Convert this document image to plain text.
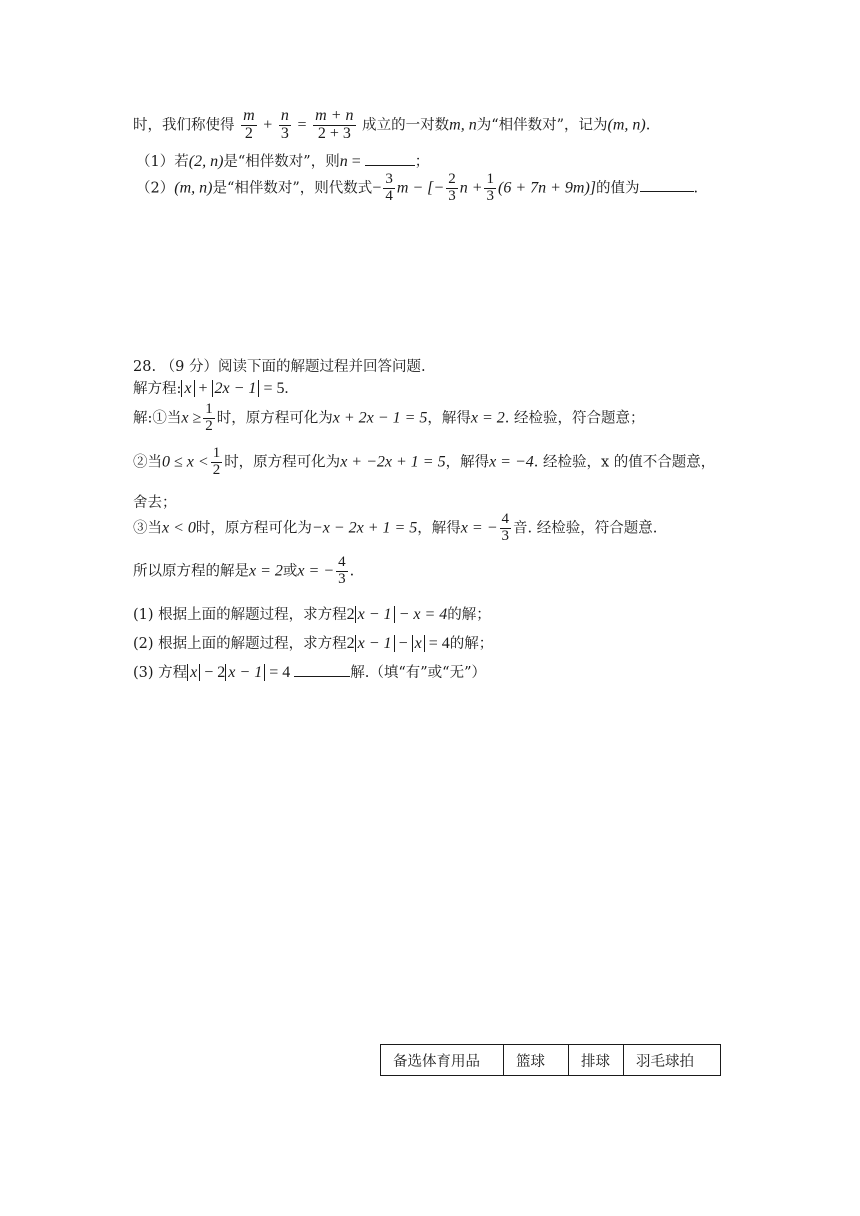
时，我们称使得 $\frac{m}{2} + \frac{n}{3} = \frac{m + n}{2 + 3}$ 成立的一对数m, n为“相伴数对”，记为(m, n).
（1）若(2, n)是“相伴数对”，则n =	；
（2）(m, n)是“相伴数对”，则代数式− $\frac{3}{4}$ m − [− $\frac{2}{3}$ $n + \frac{1}{3} (6 + 7n + 9m)$]的值为	.
28. （9 分）阅读下面的解题过程并回答问题.
解方程: x + 2x − 1 = 5.
解:①当$x \ge \frac{1}{2}$ 时，原方程可化为x + 2x − 1 = 5，解得x = 2. 经检验，符合题意；
②当$0 \le x < \frac{1}{2}$ 时，原方程可化为x + −2x + 1 = 5，解得x = −4. 经检验，x 的值不合题意，
舍去；
③当x < 0时，原方程可化为−x − 2x + 1 = 5，解得x = − $\frac{4}{3}$ 音. 经检验，符合题意.
所以原方程的解是x = 2或x = − $\frac{4}{3}$ .
(1) 根据上面的解题过程，求方程2 x − 1 − x = 4的解；
(2) 根据上面的解题过程，求方程2 x − 1 − x = 4的解；
(3) 方程 x − 2 x − 1 = 4	解.（填“有”或“无”）
备选体育用品	篮球	排球	羽毛球拍
